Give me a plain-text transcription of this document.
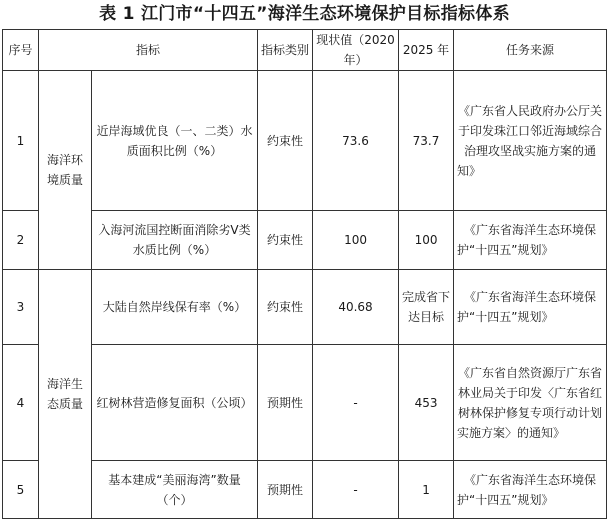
表 1 江门市“十四五”海洋生态环境保护目标指标体系
序号	指标		指标类别	现状值（2020 年）	2025 年	任务来源
1	海洋环境质量	近岸海域优良（一、二类）水质面积比例（%）	约束性	73.6	73.7	《广东省人民政府办公厅关于印发珠江口邻近海域综合治理攻坚战实施方案的通知》
2		入海河流国控断面消除劣Ⅴ类水质比例（%）	约束性	100	100	《广东省海洋生态环境保护“十四五”规划》
3	海洋生态质量	大陆自然岸线保有率（%）	约束性	40.68	完成省下达目标	《广东省海洋生态环境保护“十四五”规划》
4		红树林营造修复面积（公顷）	预期性	-	453	《广东省自然资源厅广东省林业局关于印发〈广东省红树林保护修复专项行动计划实施方案〉的通知》
5		基本建成“美丽海湾”数量（个）	预期性	-	1	《广东省海洋生态环境保护“十四五”规划》
